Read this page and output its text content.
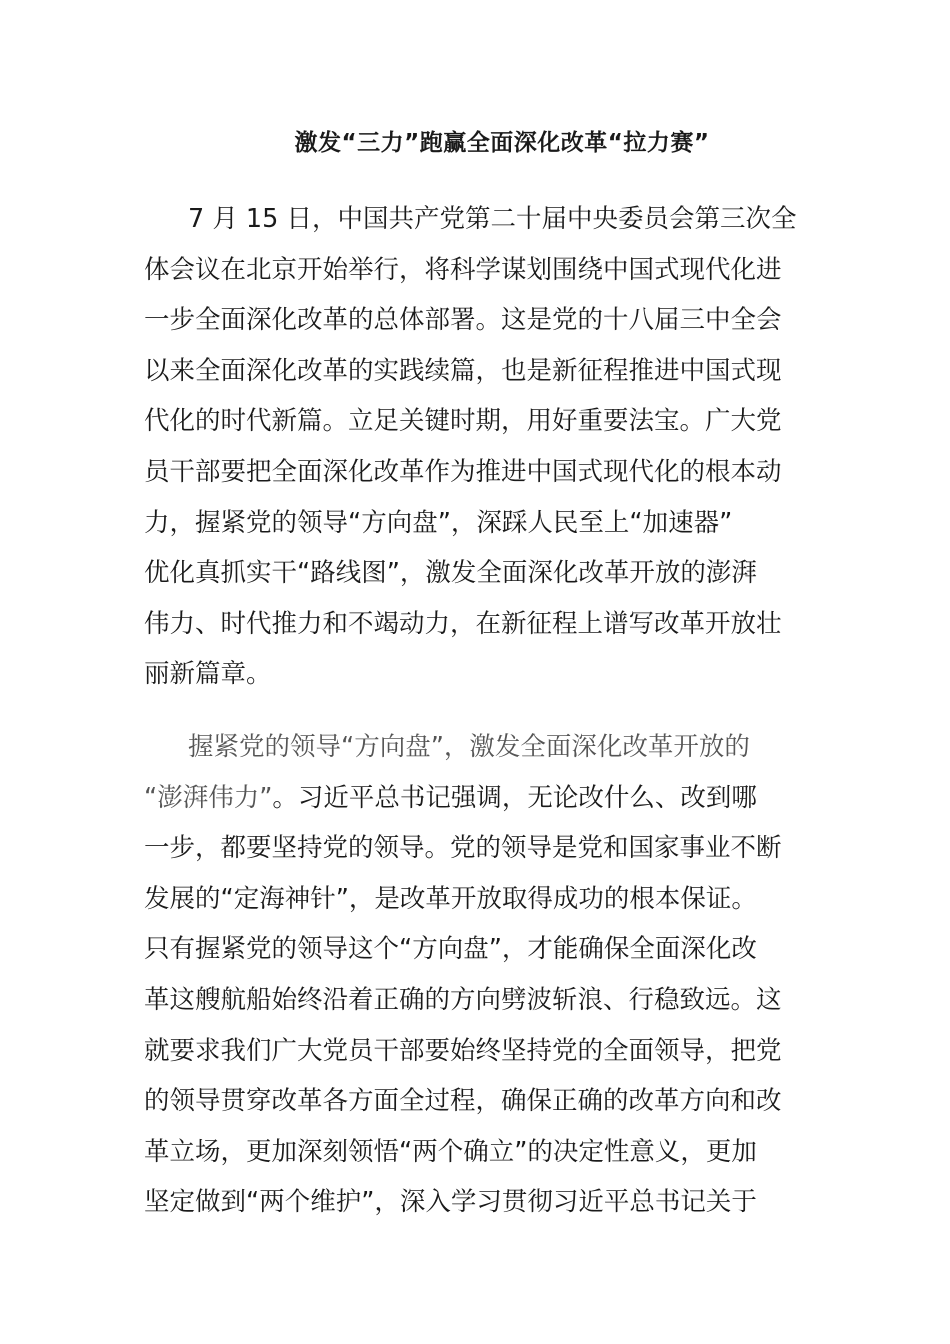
激发“三力”跑赢全面深化改革“拉力赛”
7 月 15 日，中国共产党第二十届中央委员会第三次全
体会议在北京开始举行，将科学谋划围绕中国式现代化进
一步全面深化改革的总体部署。这是党的十八届三中全会
以来全面深化改革的实践续篇，也是新征程推进中国式现
代化的时代新篇。立足关键时期，用好重要法宝。广大党
员干部要把全面深化改革作为推进中国式现代化的根本动
力，握紧党的领导“方向盘”，深踩人民至上“加速器”
优化真抓实干“路线图”，激发全面深化改革开放的澎湃
伟力、时代推力和不竭动力，在新征程上谱写改革开放壮
丽新篇章。
握紧党的领导“方向盘”，激发全面深化改革开放的
“澎湃伟力”。习近平总书记强调，无论改什么、改到哪
一步，都要坚持党的领导。党的领导是党和国家事业不断
发展的“定海神针”，是改革开放取得成功的根本保证。
只有握紧党的领导这个“方向盘”，才能确保全面深化改
革这艘航船始终沿着正确的方向劈波斩浪、行稳致远。这
就要求我们广大党员干部要始终坚持党的全面领导，把党
的领导贯穿改革各方面全过程，确保正确的改革方向和改
革立场，更加深刻领悟“两个确立”的决定性意义，更加
坚定做到“两个维护”，深入学习贯彻习近平总书记关于
